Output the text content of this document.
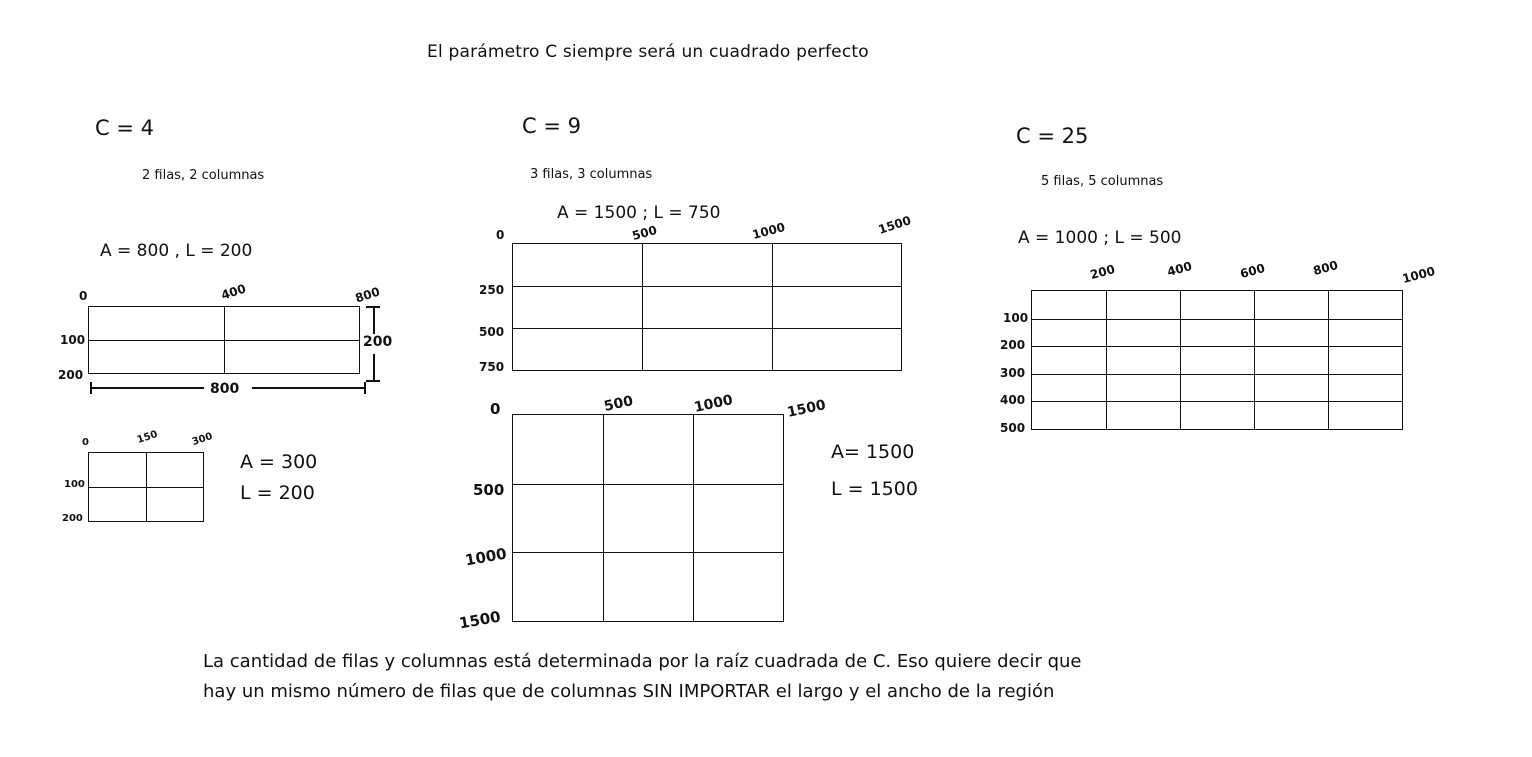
El parámetro C siempre será un cuadrado perfecto
C = 4
2 filas, 2 columnas
A = 800 , L = 200
0	400	800
100
200
800
200
0	150	300
100
200
A = 300
L = 200
C = 9
3 filas, 3 columnas
A = 1500 ; L = 750
0	500	1000	1500
250
500
750
0	500	1000	1500
500
1000
1500
A= 1500
L = 1500
C = 25
5 filas, 5 columnas
A = 1000 ; L = 500
200	400	600	800	1000
100
200
300
400
500
La cantidad de filas y columnas está determinada por la raíz cuadrada de C. Eso quiere decir que
hay un mismo número de filas que de columnas SIN IMPORTAR el largo y el ancho de la región
